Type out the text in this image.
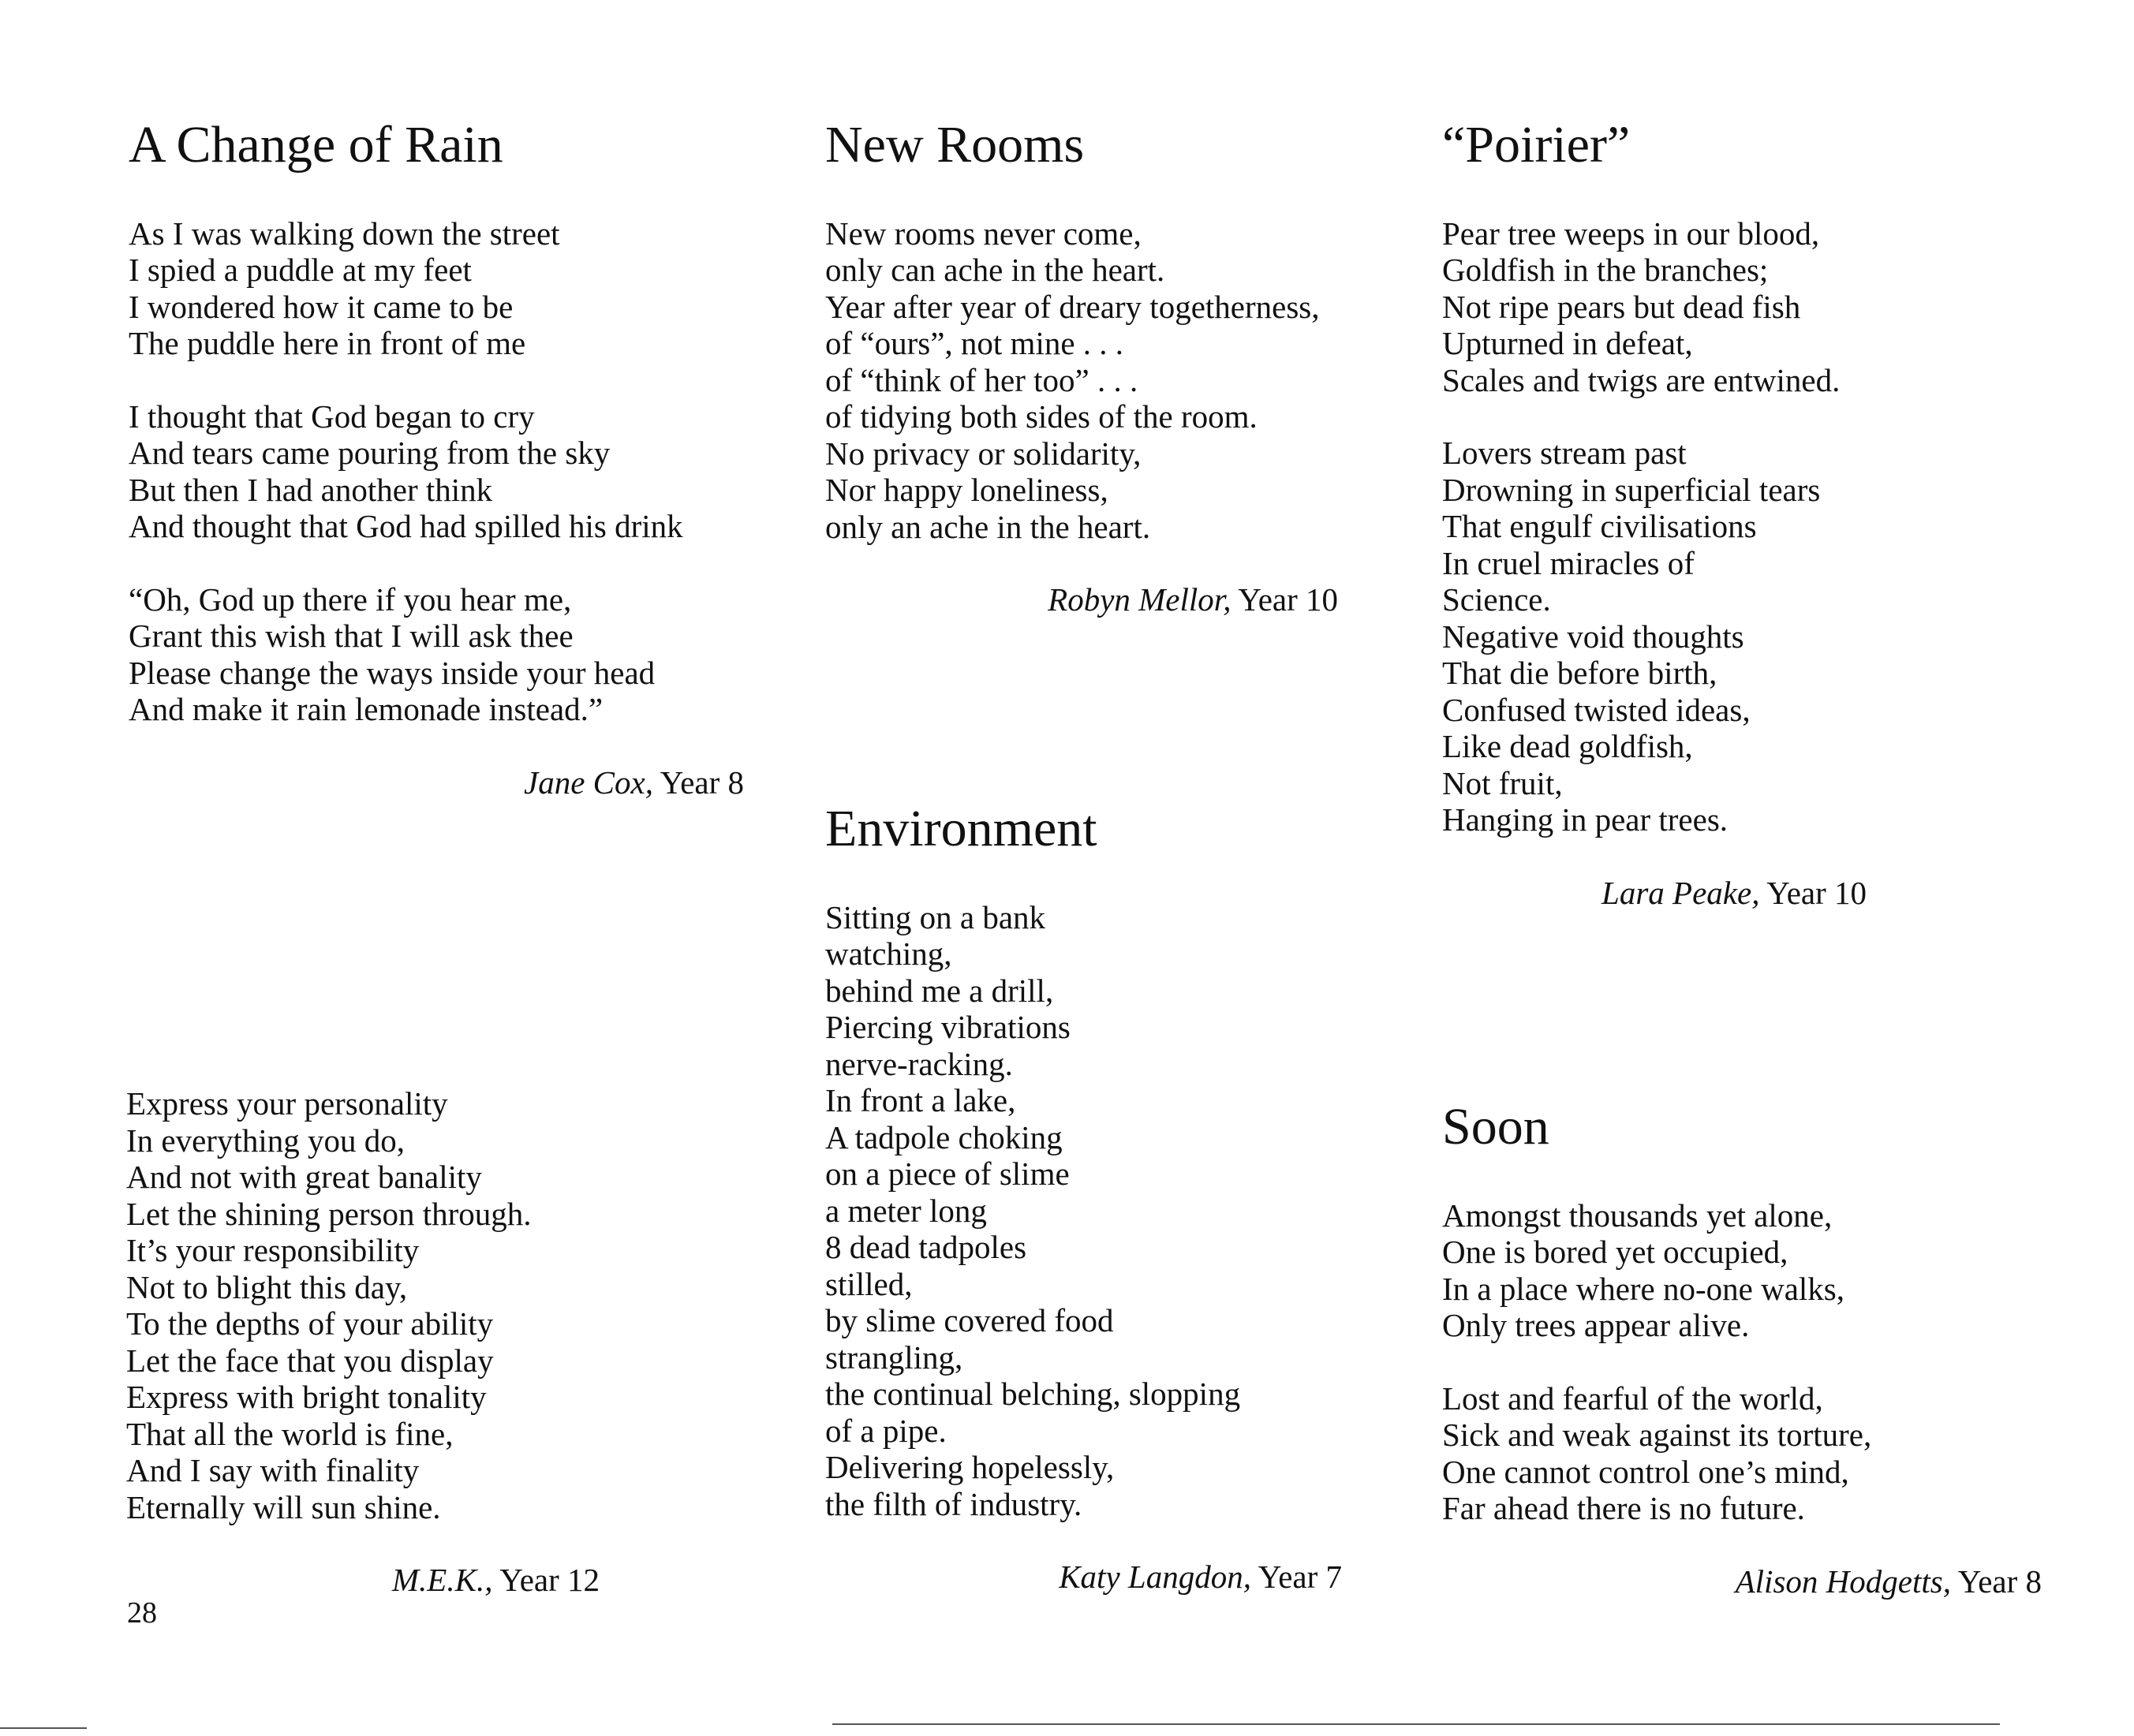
A Change of Rain
As I was walking down the street
I spied a puddle at my feet
I wondered how it came to be
The puddle here in front of me
I thought that God began to cry
And tears came pouring from the sky
But then I had another think
And thought that God had spilled his drink
“Oh, God up there if you hear me,
Grant this wish that I will ask thee
Please change the ways inside your head
And make it rain lemonade instead.”
Jane Cox, Year 8
Express your personality
In everything you do,
And not with great banality
Let the shining person through.
It’s your responsibility
Not to blight this day,
To the depths of your ability
Let the face that you display
Express with bright tonality
That all the world is fine,
And I say with finality
Eternally will sun shine.
M.E.K., Year 12
New Rooms
New rooms never come,
only can ache in the heart.
Year after year of dreary togetherness,
of “ours”, not mine . . .
of “think of her too” . . .
of tidying both sides of the room.
No privacy or solidarity,
Nor happy loneliness,
only an ache in the heart.
Robyn Mellor, Year 10
Environment
Sitting on a bank
watching,
behind me a drill,
Piercing vibrations
nerve-racking.
In front a lake,
A tadpole choking
on a piece of slime
a meter long
8 dead tadpoles
stilled,
by slime covered food
strangling,
the continual belching, slopping
of a pipe.
Delivering hopelessly,
the filth of industry.
Katy Langdon, Year 7
“Poirier”
Pear tree weeps in our blood,
Goldfish in the branches;
Not ripe pears but dead fish
Upturned in defeat,
Scales and twigs are entwined.
Lovers stream past
Drowning in superficial tears
That engulf civilisations
In cruel miracles of
Science.
Negative void thoughts
That die before birth,
Confused twisted ideas,
Like dead goldfish,
Not fruit,
Hanging in pear trees.
Lara Peake, Year 10
Soon
Amongst thousands yet alone,
One is bored yet occupied,
In a place where no-one walks,
Only trees appear alive.
Lost and fearful of the world,
Sick and weak against its torture,
One cannot control one’s mind,
Far ahead there is no future.
Alison Hodgetts, Year 8
28
